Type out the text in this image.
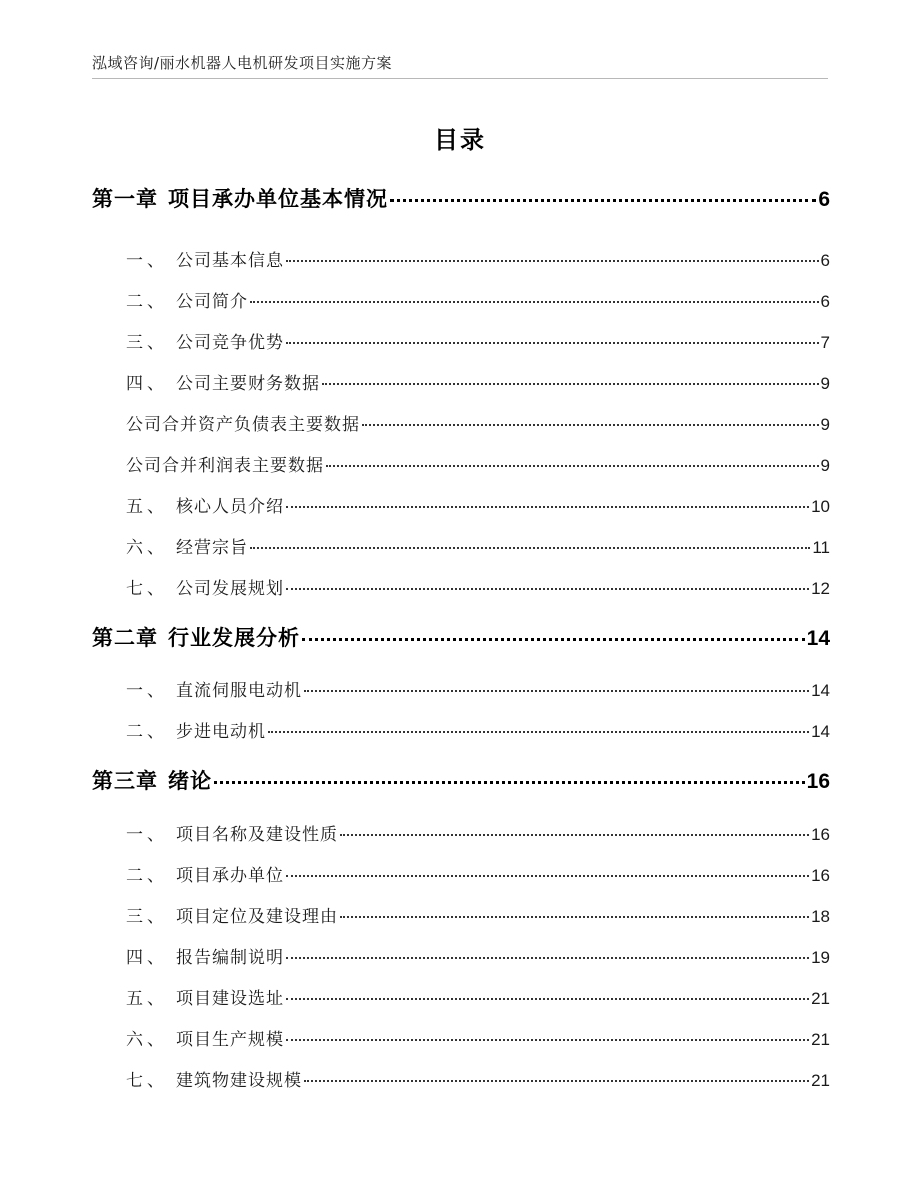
泓域咨询/丽水机器人电机研发项目实施方案
目录
第一章 项目承办单位基本情况	6
一、 公司基本信息	6
二、 公司简介	6
三、 公司竞争优势	7
四、 公司主要财务数据	9
公司合并资产负债表主要数据	9
公司合并利润表主要数据	9
五、 核心人员介绍	10
六、 经营宗旨	11
七、 公司发展规划	12
第二章 行业发展分析	14
一、 直流伺服电动机	14
二、 步进电动机	14
第三章 绪论	16
一、 项目名称及建设性质	16
二、 项目承办单位	16
三、 项目定位及建设理由	18
四、 报告编制说明	19
五、 项目建设选址	21
六、 项目生产规模	21
七、 建筑物建设规模	21
